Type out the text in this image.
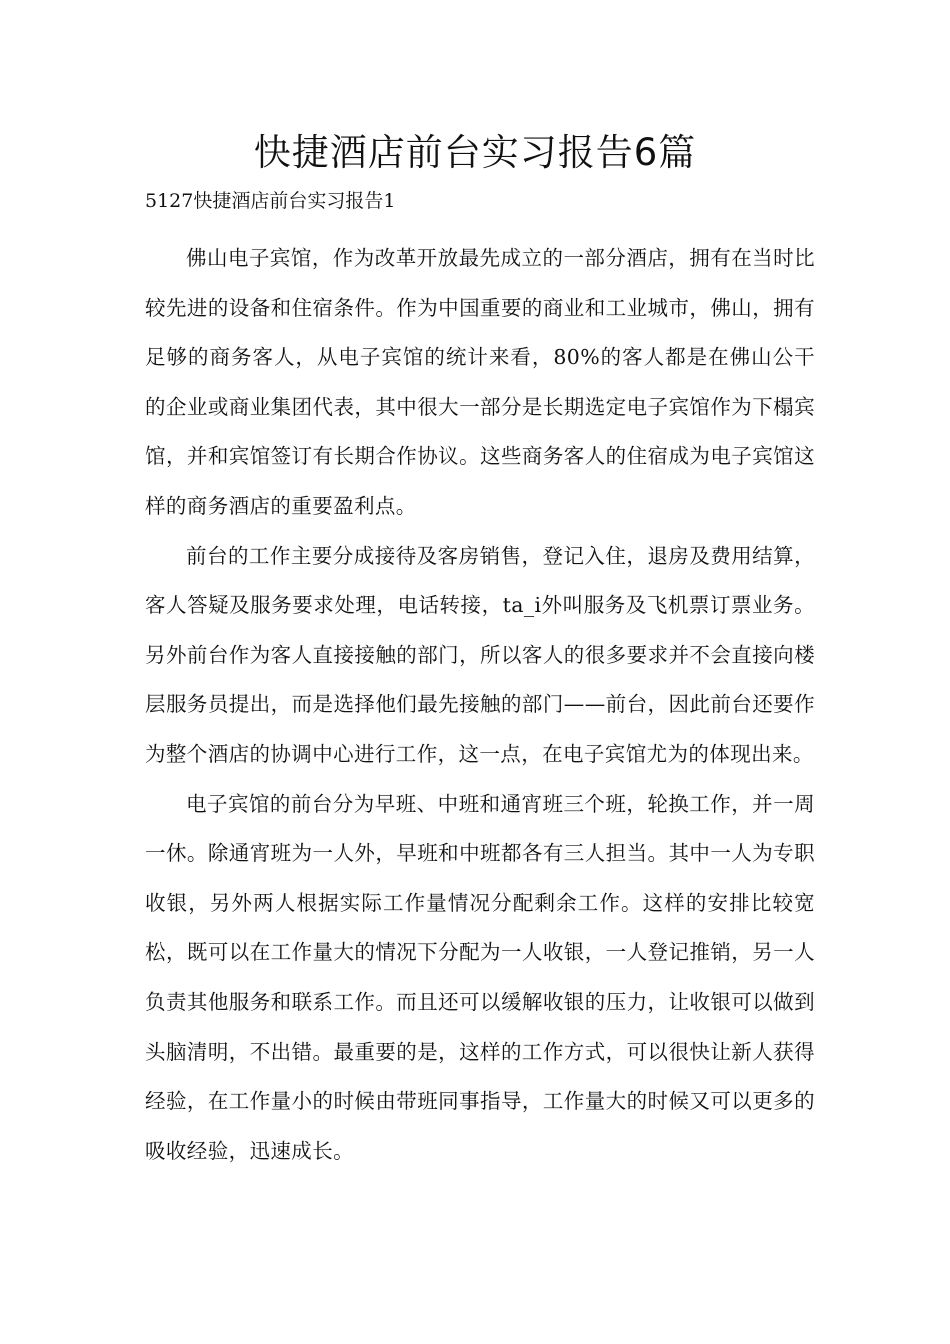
快捷酒店前台实习报告6篇
5127快捷酒店前台实习报告1

佛山电子宾馆，作为改革开放最先成立的一部分酒店，拥有在当时比较先进的设备和住宿条件。作为中国重要的商业和工业城市，佛山，拥有足够的商务客人，从电子宾馆的统计来看，80%的客人都是在佛山公干的企业或商业集团代表，其中很大一部分是长期选定电子宾馆作为下榻宾馆，并和宾馆签订有长期合作协议。这些商务客人的住宿成为电子宾馆这样的商务酒店的重要盈利点。

前台的工作主要分成接待及客房销售，登记入住，退房及费用结算，客人答疑及服务要求处理，电话转接，ta_i外叫服务及飞机票订票业务。另外前台作为客人直接接触的部门，所以客人的很多要求并不会直接向楼层服务员提出，而是选择他们最先接触的部门——前台，因此前台还要作为整个酒店的协调中心进行工作，这一点，在电子宾馆尤为的体现出来。

电子宾馆的前台分为早班、中班和通宵班三个班，轮换工作，并一周一休。除通宵班为一人外，早班和中班都各有三人担当。其中一人为专职收银，另外两人根据实际工作量情况分配剩余工作。这样的安排比较宽松，既可以在工作量大的情况下分配为一人收银，一人登记推销，另一人负责其他服务和联系工作。而且还可以缓解收银的压力，让收银可以做到头脑清明，不出错。最重要的是，这样的工作方式，可以很快让新人获得经验，在工作量小的时候由带班同事指导，工作量大的时候又可以更多的吸收经验，迅速成长。
